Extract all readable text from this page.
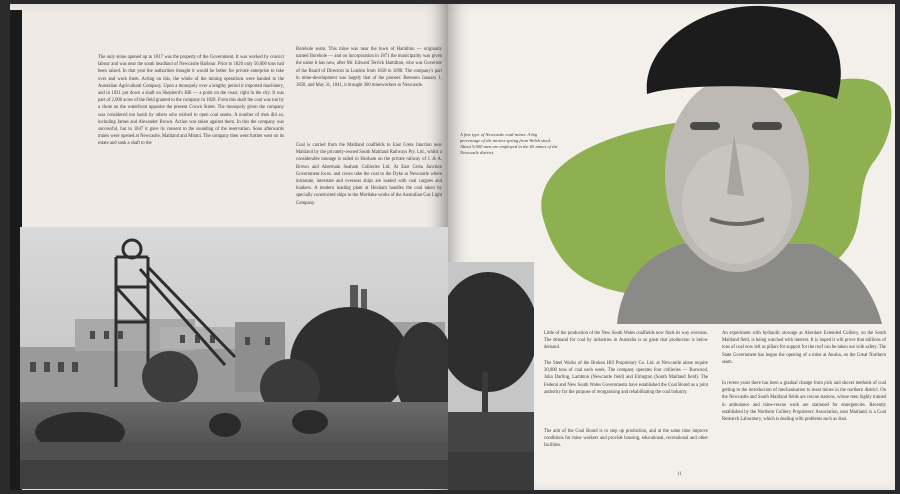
The only stone opened up to 1817 was the property of the Government. It was worked by convict labour and was near the south headland of Newcastle Harbour. Prior to 1820 only 50,000 tons had been raised. In that year the authorities thought it would be better for private enterprise to take over and work them. Acting on this, the whole of the mining operations were handed to the Australian Agricultural Company. Upon a monopoly over a lengthy period it imported machinery, and in 1831 put down a shaft on Shepherd's Hill — a point on the coast, right in the city. It was part of 2,000 acres of the field granted to the company in 1828. From this shaft the coal was run by a chute on the waterfront opposite the present Crown Street. The monopoly given the company was considered too harsh by others who wished to open coal seams. A number of men did so, including James and Alexander Brown. Action was taken against them. In this the company was successful, but in 1847 it gave its consent to the sounding of the reservation. Soon afterwards mines were opened at Newcastle, Maitland and Minmi. The company then went further west on its estate and sank a shaft to the
Borehole seam. This mine was near the town of Hamilton — originally named Borehole — and on incorporation in 1871 the municipality was given the name it has now, after Mr. Edward Terrick Hamilton, who was Governor of the Board of Directors in London from 1850 to 1898. The company's part in mine-development was largely that of the pioneer. Between January 1, 1850, and May 31, 1841, it brought 300 mineworkers to Newcastle.
Coal is carried from the Maitland coalfields to East Greta Junction near Maitland by the privately-owned South Maitland Railways Pty. Ltd., whilst a considerable tonnage is railed to Hexham on the private railway of J. & A. Brown and Abermain Seaham Collieries Ltd. At East Greta Junction Government locos. and crews take the coal to the Dyke at Newcastle where intrastate, interstate and overseas ships are loaded with coal cargoes and bunkers. A modern loading plant at Hexham handles the coal taken by specially constructed ships to the Mortlake works of the Australian Gas Light Company.
A fine type of Newcastle coal-miner. A big percentage of the miners spring from Welsh stock. About 9,000 men are employed in the 65 mines of the Newcastle district.
Little of the production of the New South Wales coalfields now finds its way overseas. The demand for coal by industries in Australia is so great that production is below demand.
The Steel Works of the Broken Hill Proprietary Co. Ltd. at Newcastle alone require 30,000 tons of coal each week. The company operates four collieries — Burwood, John Darling, Lambton (Newcastle field) and Elrington (South Maitland field). The Federal and New South Wales Governments have established the Coal Board as a joint authority for the purpose of reorganising and rehabilitating the coal industry.
The aim of the Coal Board is to step up production, and at the same time improve conditions for mine workers and provide housing, educational, recreational and other facilities.
An experiment with hydraulic stowage at Aberdare Extended Colliery, on the South Maitland field, is being watched with interest. It is hoped it will prove that millions of tons of coal now left as pillars for support for the roof can be taken out with safety. The State Government has begun the opening of a mine at Awaba, on the Great Northern seam.
In recent years there has been a gradual change from pick and shovel methods of coal getting to the introduction of mechanisation to most mines in the northern district. On the Newcastle and South Maitland fields are rescue stations, whose men highly trained in ambulance and mine-rescue work are stationed for emergencies. Recently established by the Northern Colliery Proprietors' Association, near Maitland, is a Coal Research Laboratory, which is dealing with problems such as dust.
11
